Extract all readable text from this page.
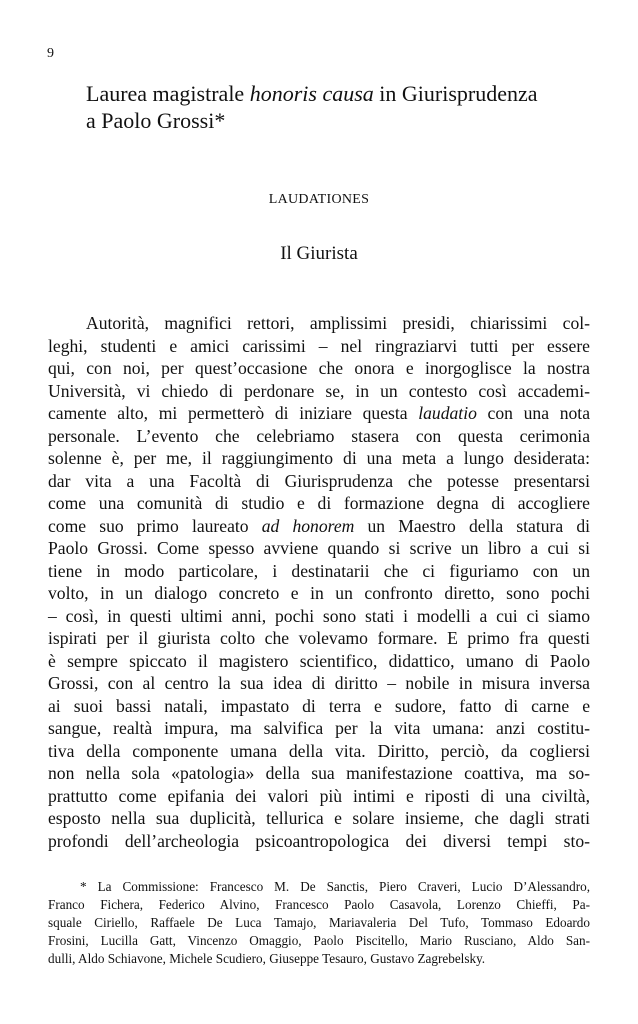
9
Laurea magistrale honoris causa in Giurisprudenza
a Paolo Grossi*
LAUDATIONES
Il Giurista
Autorità, magnifici rettori, amplissimi presidi, chiarissimi col-
leghi, studenti e amici carissimi – nel ringraziarvi tutti per essere
qui, con noi, per quest’occasione che onora e inorgoglisce la nostra
Università, vi chiedo di perdonare se, in un contesto così accademi-
camente alto, mi permetterò di iniziare questa laudatio con una nota
personale. L’evento che celebriamo stasera con questa cerimonia
solenne è, per me, il raggiungimento di una meta a lungo desiderata:
dar vita a una Facoltà di Giurisprudenza che potesse presentarsi
come una comunità di studio e di formazione degna di accogliere
come suo primo laureato ad honorem un Maestro della statura di
Paolo Grossi. Come spesso avviene quando si scrive un libro a cui si
tiene in modo particolare, i destinatarii che ci figuriamo con un
volto, in un dialogo concreto e in un confronto diretto, sono pochi
– così, in questi ultimi anni, pochi sono stati i modelli a cui ci siamo
ispirati per il giurista colto che volevamo formare. E primo fra questi
è sempre spiccato il magistero scientifico, didattico, umano di Paolo
Grossi, con al centro la sua idea di diritto – nobile in misura inversa
ai suoi bassi natali, impastato di terra e sudore, fatto di carne e
sangue, realtà impura, ma salvifica per la vita umana: anzi costitu-
tiva della componente umana della vita. Diritto, perciò, da cogliersi
non nella sola «patologia» della sua manifestazione coattiva, ma so-
prattutto come epifania dei valori più intimi e riposti di una civiltà,
esposto nella sua duplicità, tellurica e solare insieme, che dagli strati
profondi dell’archeologia psicoantropologica dei diversi tempi sto-
* La Commissione: Francesco M. De Sanctis, Piero Craveri, Lucio D’Alessandro,
Franco Fichera, Federico Alvino, Francesco Paolo Casavola, Lorenzo Chieffi, Pa-
squale Ciriello, Raffaele De Luca Tamajo, Mariavaleria Del Tufo, Tommaso Edoardo
Frosini, Lucilla Gatt, Vincenzo Omaggio, Paolo Piscitello, Mario Rusciano, Aldo San-
dulli, Aldo Schiavone, Michele Scudiero, Giuseppe Tesauro, Gustavo Zagrebelsky.
